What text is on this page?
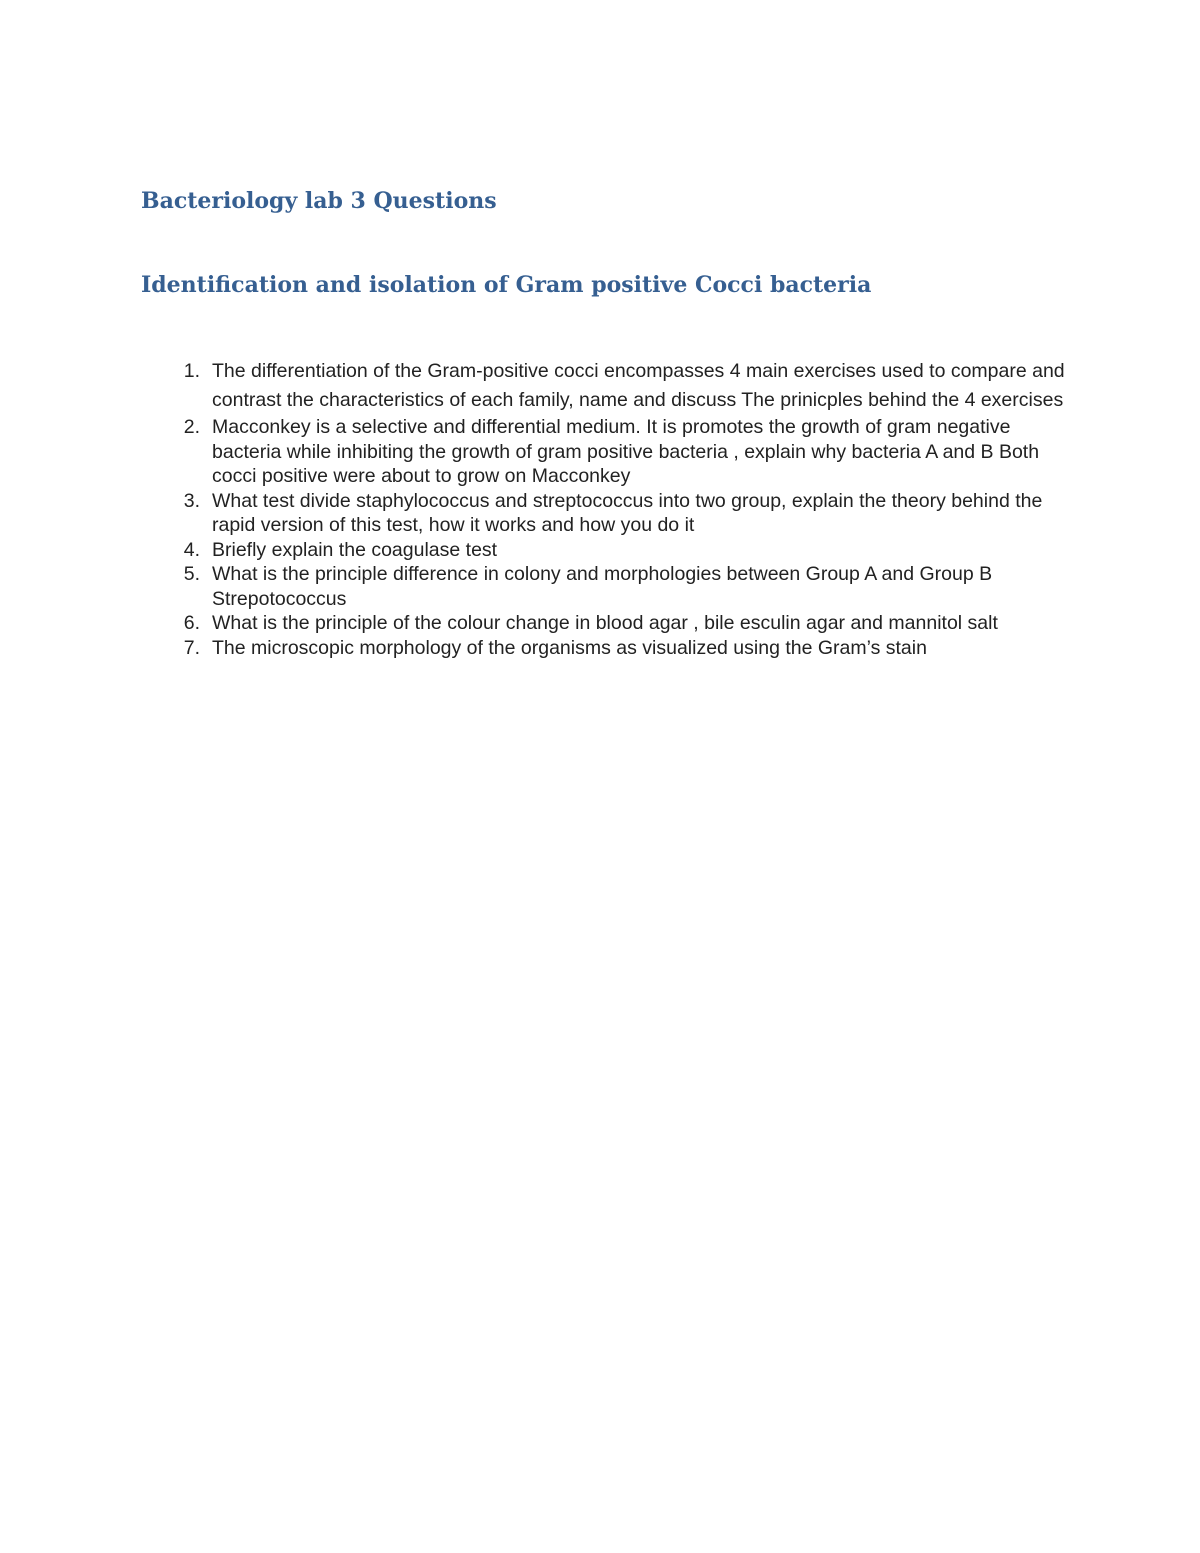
Bacteriology lab 3 Questions
Identification and isolation of Gram positive Cocci bacteria
1. The differentiation of the Gram-positive cocci encompasses 4 main exercises used to compare and contrast the characteristics of each family, name and discuss The prinicples behind the 4 exercises
2. Macconkey is a selective and differential medium. It is promotes the growth of gram negative bacteria while inhibiting the growth of gram positive bacteria , explain why bacteria A and B Both cocci positive were about to grow on Macconkey
3. What test divide staphylococcus and streptococcus into two group, explain the theory behind the rapid version of this test, how it works and how you do it
4. Briefly explain the coagulase test
5. What is the principle difference in colony and morphologies between Group A and Group B Strepotococcus
6. What is the principle of the colour change in blood agar , bile esculin agar and mannitol salt
7. The microscopic morphology of the organisms as visualized using the Gram’s stain
